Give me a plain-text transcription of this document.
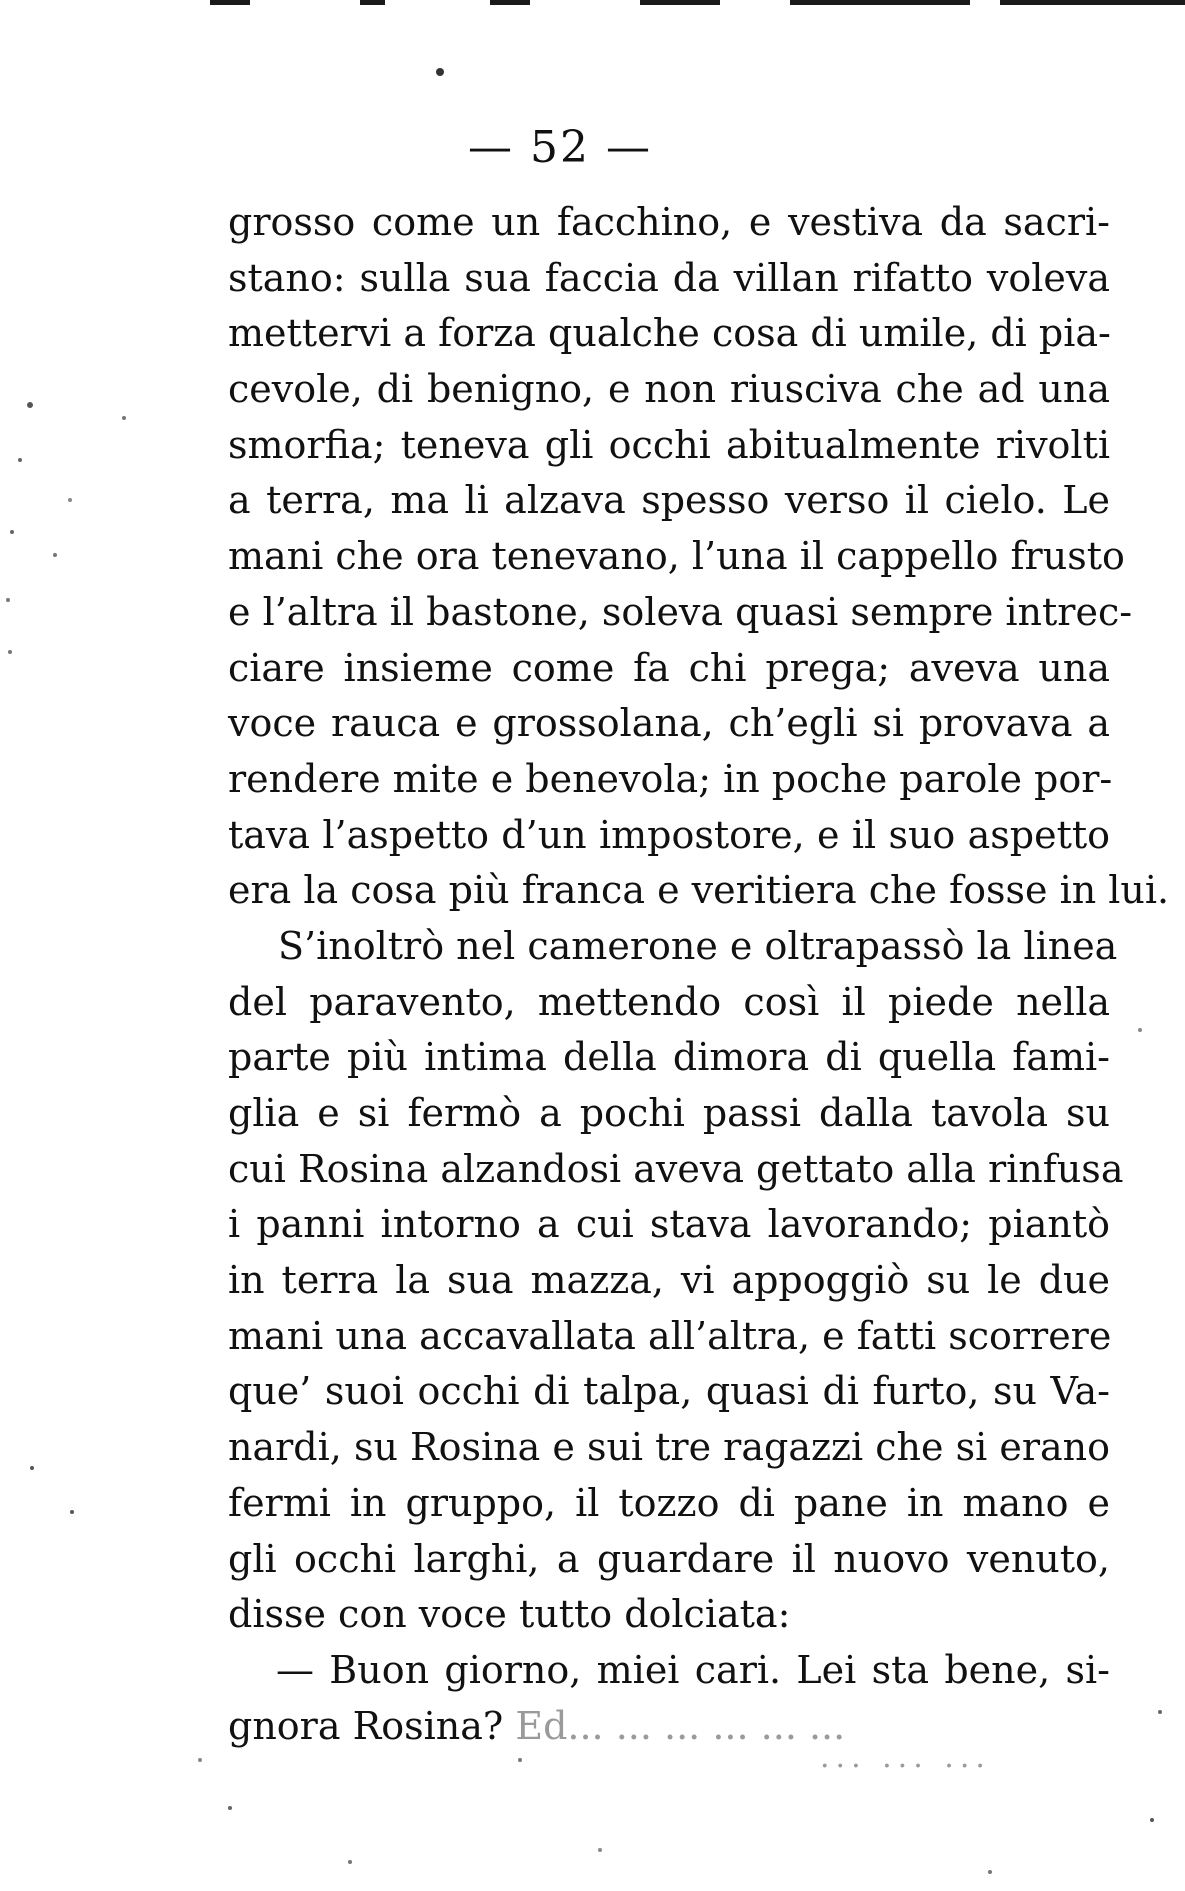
— 52 —
grosso come un facchino, e vestiva da sacri-
stano: sulla sua faccia da villan rifatto voleva
mettervi a forza qualche cosa di umile, di pia-
cevole, di benigno, e non riusciva che ad una
smorfia; teneva gli occhi abitualmente rivolti
a terra, ma li alzava spesso verso il cielo. Le
mani che ora tenevano, l’una il cappello frusto
e l’altra il bastone, soleva quasi sempre intrec-
ciare insieme come fa chi prega; aveva una
voce rauca e grossolana, ch’egli si provava a
rendere mite e benevola; in poche parole por-
tava l’aspetto d’un impostore, e il suo aspetto
era la cosa più franca e veritiera che fosse in lui.
S’inoltrò nel camerone e oltrapassò la linea
del paravento, mettendo così il piede nella
parte più intima della dimora di quella fami-
glia e si fermò a pochi passi dalla tavola su
cui Rosina alzandosi aveva gettato alla rinfusa
i panni intorno a cui stava lavorando; piantò
in terra la sua mazza, vi appoggiò su le due
mani una accavallata all’altra, e fatti scorrere
que’ suoi occhi di talpa, quasi di furto, su Va-
nardi, su Rosina e sui tre ragazzi che si erano
fermi in gruppo, il tozzo di pane in mano e
gli occhi larghi, a guardare il nuovo venuto,
disse con voce tutto dolciata:
— Buon giorno, miei cari. Lei sta bene, si-
gnora Rosina? Ed... ... ... ... ... ...
... ... ...
